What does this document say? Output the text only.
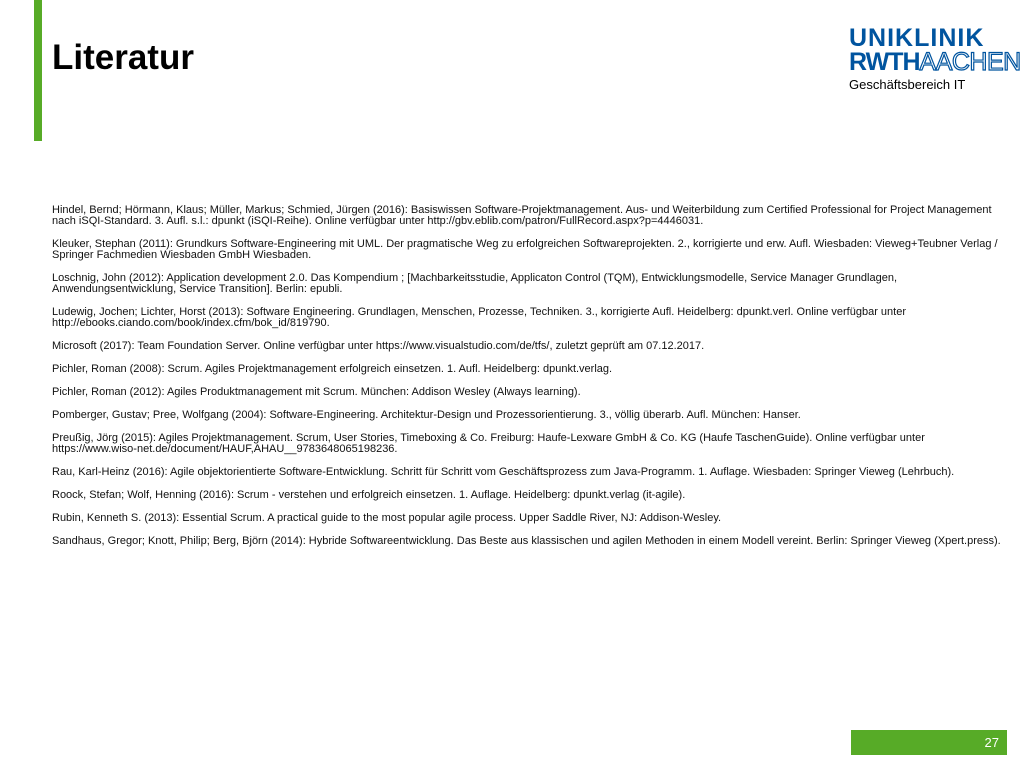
Literatur	UNIKLINIK
RWTHAACHEN
Geschäftsbereich IT

Hindel, Bernd; Hörmann, Klaus; Müller, Markus; Schmied, Jürgen (2016): Basiswissen Software-Projektmanagement. Aus- und Weiterbildung zum Certified Professional for Project Management nach iSQI-Standard. 3. Aufl. s.l.: dpunkt (iSQI-Reihe). Online verfügbar unter http://gbv.eblib.com/patron/FullRecord.aspx?p=4446031.

Kleuker, Stephan (2011): Grundkurs Software-Engineering mit UML. Der pragmatische Weg zu erfolgreichen Softwareprojekten. 2., korrigierte und erw. Aufl. Wiesbaden: Vieweg+Teubner Verlag / Springer Fachmedien Wiesbaden GmbH Wiesbaden.

Loschnig, John (2012): Application development 2.0. Das Kompendium ; [Machbarkeitsstudie, Applicaton Control (TQM), Entwicklungsmodelle, Service Manager Grundlagen, Anwendungsentwicklung, Service Transition]. Berlin: epubli.

Ludewig, Jochen; Lichter, Horst (2013): Software Engineering. Grundlagen, Menschen, Prozesse, Techniken. 3., korrigierte Aufl. Heidelberg: dpunkt.verl. Online verfügbar unter http://ebooks.ciando.com/book/index.cfm/bok_id/819790.

Microsoft (2017): Team Foundation Server. Online verfügbar unter https://www.visualstudio.com/de/tfs/, zuletzt geprüft am 07.12.2017.

Pichler, Roman (2008): Scrum. Agiles Projektmanagement erfolgreich einsetzen. 1. Aufl. Heidelberg: dpunkt.verlag.

Pichler, Roman (2012): Agiles Produktmanagement mit Scrum. München: Addison Wesley (Always learning).

Pomberger, Gustav; Pree, Wolfgang (2004): Software-Engineering. Architektur-Design und Prozessorientierung. 3., völlig überarb. Aufl. München: Hanser.

Preußig, Jörg (2015): Agiles Projektmanagement. Scrum, User Stories, Timeboxing & Co. Freiburg: Haufe-Lexware GmbH & Co. KG (Haufe TaschenGuide). Online verfügbar unter https://www.wiso-net.de/document/HAUF,AHAU__9783648065198236.

Rau, Karl-Heinz (2016): Agile objektorientierte Software-Entwicklung. Schritt für Schritt vom Geschäftsprozess zum Java-Programm. 1. Auflage. Wiesbaden: Springer Vieweg (Lehrbuch).

Roock, Stefan; Wolf, Henning (2016): Scrum - verstehen und erfolgreich einsetzen. 1. Auflage. Heidelberg: dpunkt.verlag (it-agile).

Rubin, Kenneth S. (2013): Essential Scrum. A practical guide to the most popular agile process. Upper Saddle River, NJ: Addison-Wesley.

Sandhaus, Gregor; Knott, Philip; Berg, Björn (2014): Hybride Softwareentwicklung. Das Beste aus klassischen und agilen Methoden in einem Modell vereint. Berlin: Springer Vieweg (Xpert.press).

27
